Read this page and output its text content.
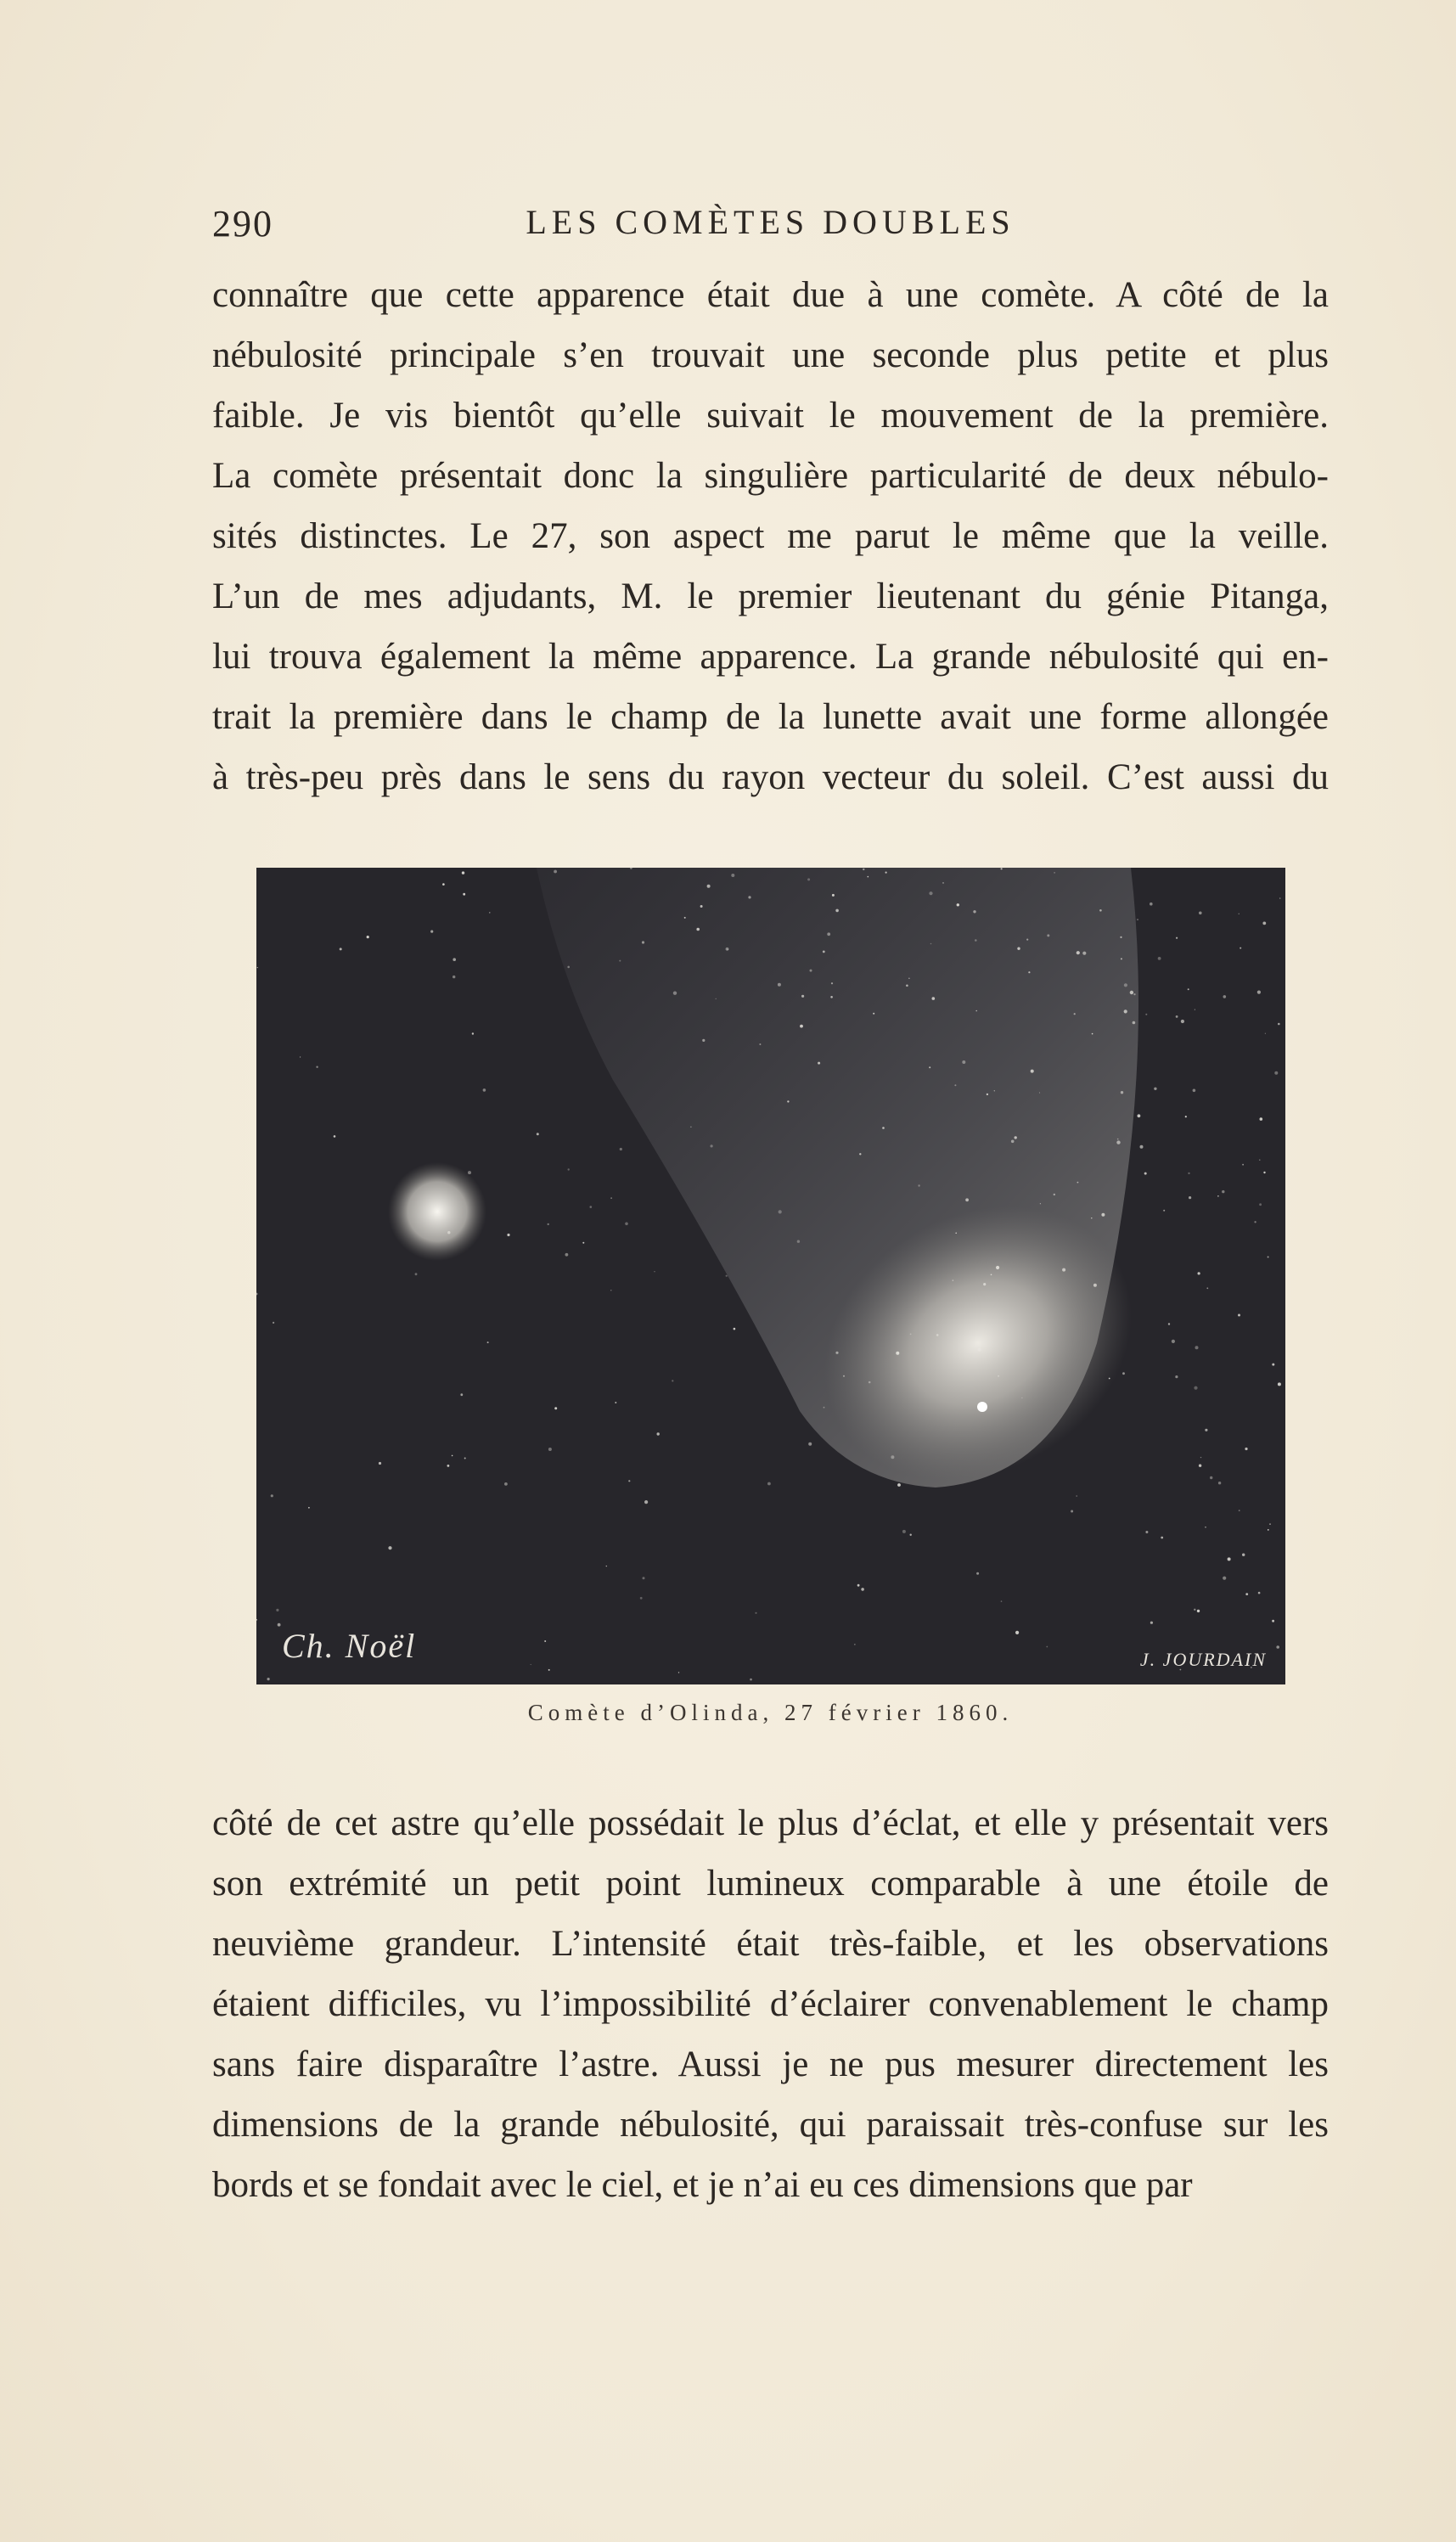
LES COMÈTES DOUBLES
290
connaître que cette apparence était due à une comète. A côté de la
nébulosité principale s’en trouvait une seconde plus petite et plus
faible. Je vis bientôt qu’elle suivait le mouvement de la première.
La comète présentait donc la singulière particularité de deux nébulo-
sités distinctes. Le 27, son aspect me parut le même que la veille.
L’un de mes adjudants, M. le premier lieutenant du génie Pitanga,
lui trouva également la même apparence. La grande nébulosité qui en-
trait la première dans le champ de la lunette avait une forme allongée
à très-peu près dans le sens du rayon vecteur du soleil. C’est aussi du
Ch. Noël	J. JOURDAIN
Comète d’Olinda, 27 février 1860.
côté de cet astre qu’elle possédait le plus d’éclat, et elle y présentait vers
son extrémité un petit point lumineux comparable à une étoile de
neuvième grandeur. L’intensité était très-faible, et les observations
étaient difficiles, vu l’impossibilité d’éclairer convenablement le champ
sans faire disparaître l’astre. Aussi je ne pus mesurer directement les
dimensions de la grande nébulosité, qui paraissait très-confuse sur les
bords et se fondait avec le ciel, et je n’ai eu ces dimensions que par
